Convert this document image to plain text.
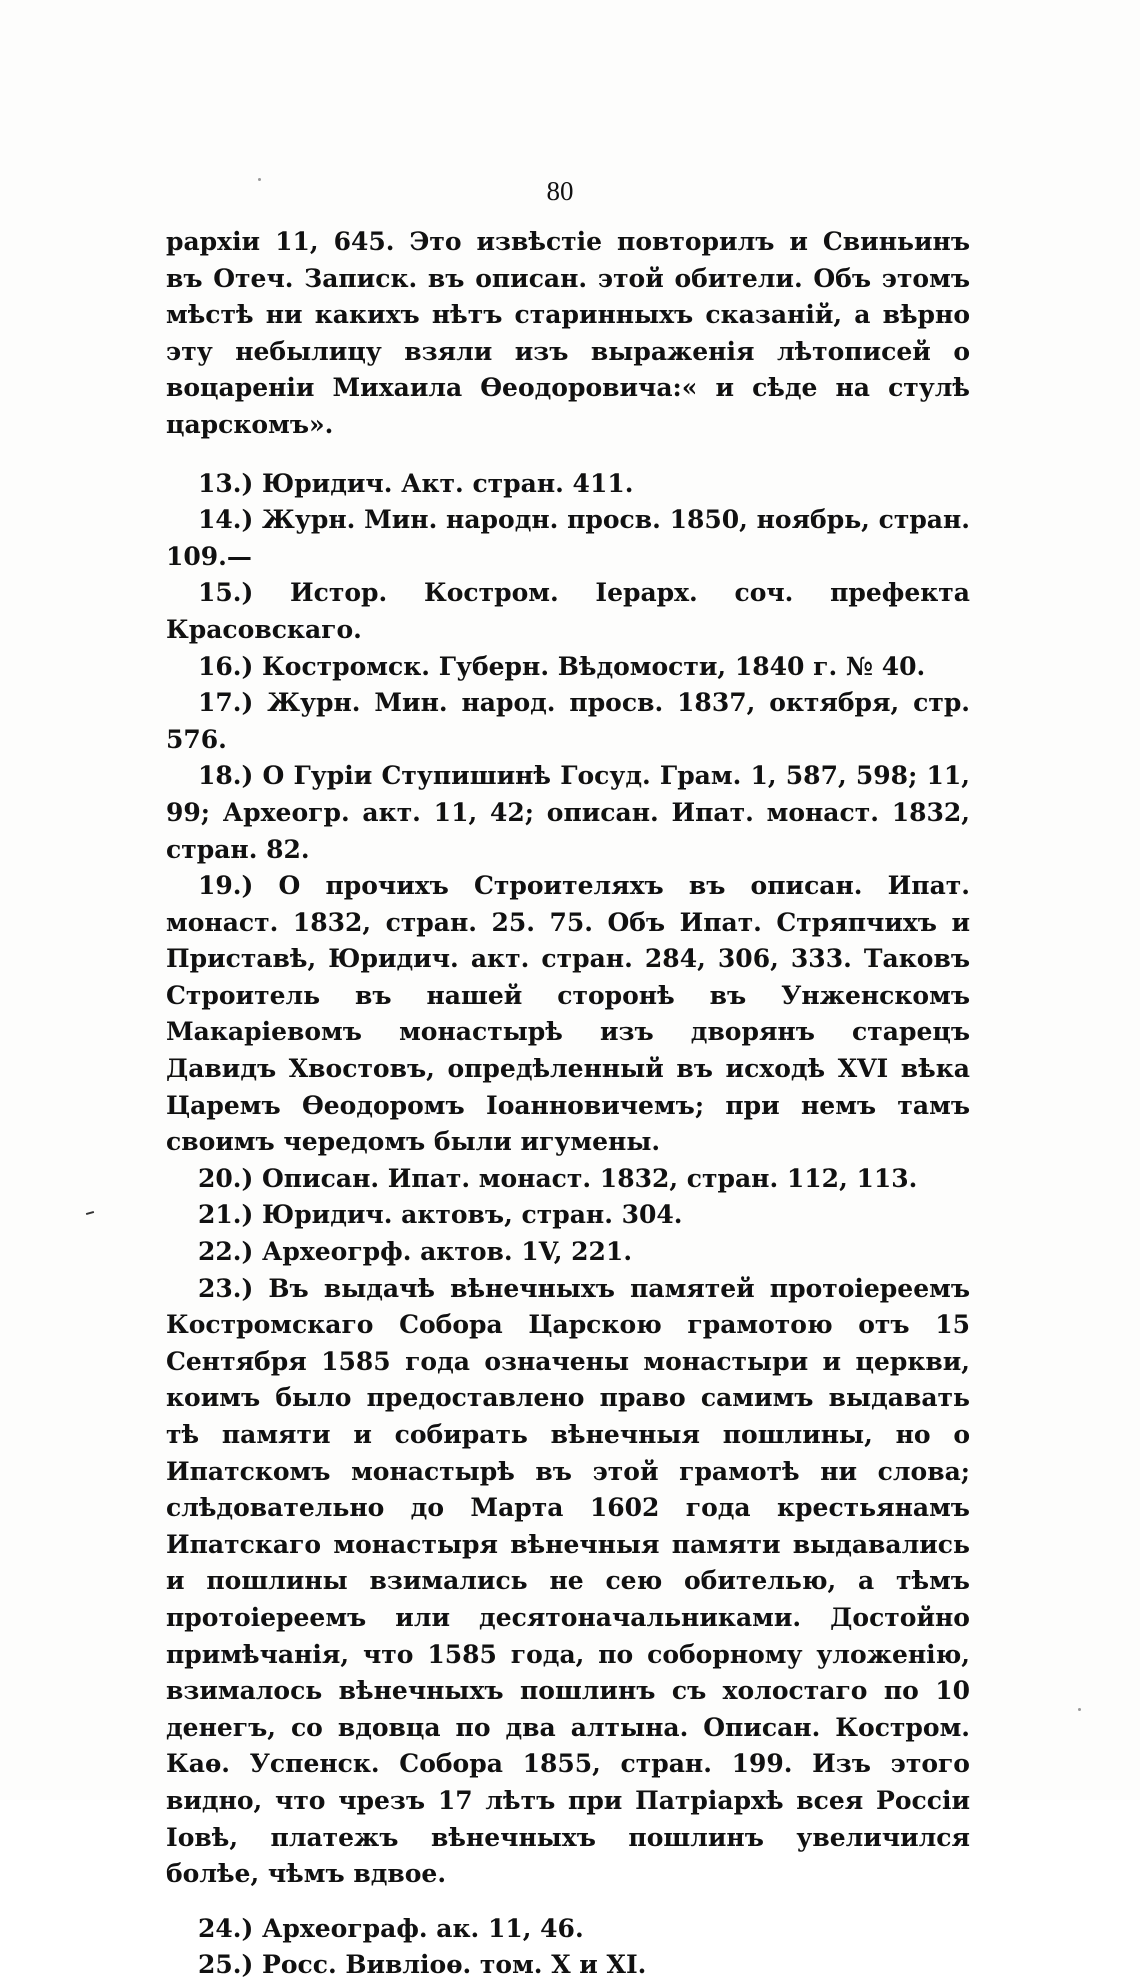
80

рархіи 11, 645. Это извѣстіе повторилъ и Свиньинъ въ Отеч. Записк. въ описан. этой обители. Объ этомъ мѣстѣ ни какихъ нѣтъ старинныхъ сказаній, а вѣрно эту небылицу взяли изъ выраженія лѣтописей о воцареніи Михаила Ѳеодоровича:« и сѣде на стулѣ царскомъ».

13.) Юридич. Акт. стран. 411.

14.) Журн. Мин. народн. просв. 1850, ноябрь, стран. 109.—

15.) Истор. Костром. Іерарх. соч. префекта Красовскаго.

16.) Костромск. Губерн. Вѣдомости, 1840 г. № 40.

17.) Журн. Мин. народ. просв. 1837, октября, стр. 576.

18.) О Гуріи Ступишинѣ Госуд. Грам. 1, 587, 598; 11, 99; Археогр. акт. 11, 42; описан. Ипат. монаст. 1832, стран. 82.

19.) О прочихъ Строителяхъ въ описан. Ипат. монаст. 1832, стран. 25. 75. Объ Ипат. Стряпчихъ и Приставѣ, Юридич. акт. стран. 284, 306, 333. Таковъ Строитель въ нашей сторонѣ въ Унженскомъ Макаріевомъ монастырѣ изъ дворянъ старецъ Давидъ Хвостовъ, опредѣленный въ исходѣ XVI вѣка Царемъ Ѳеодоромъ Іоанновичемъ; при немъ тамъ своимъ чередомъ были игумены.

20.) Описан. Ипат. монаст. 1832, стран. 112, 113.

21.) Юридич. актовъ, стран. 304.

22.) Археогрф. актов. 1V, 221.

23.) Въ выдачѣ вѣнечныхъ памятей протоіереемъ Костромскаго Собора Царскою грамотою отъ 15 Сентября 1585 года означены монастыри и церкви, коимъ было предоставлено право самимъ выдавать тѣ памяти и собирать вѣнечныя пошлины, но о Ипатскомъ монастырѣ въ этой грамотѣ ни слова; слѣдовательно до Марта 1602 года крестьянамъ Ипатскаго монастыря вѣнечныя памяти выдавались и пошлины взимались не сею обителью, а тѣмъ протоіереемъ или десятоначальниками. Достойно примѣчанія, что 1585 года, по соборному уложенію, взималось вѣнечныхъ пошлинъ съ холостаго по 10 денегъ, со вдовца по два алтына. Описан. Костром. Каѳ. Успенск. Собора 1855, стран. 199. Изъ этого видно, что чрезъ 17 лѣтъ при Патріархѣ всея Россіи Іовѣ, платежъ вѣнечныхъ пошлинъ увеличился болѣе, чѣмъ вдвое.

24.) Археограф. ак. 11, 46.

25.) Росс. Вивліоѳ. том. X и XI.
